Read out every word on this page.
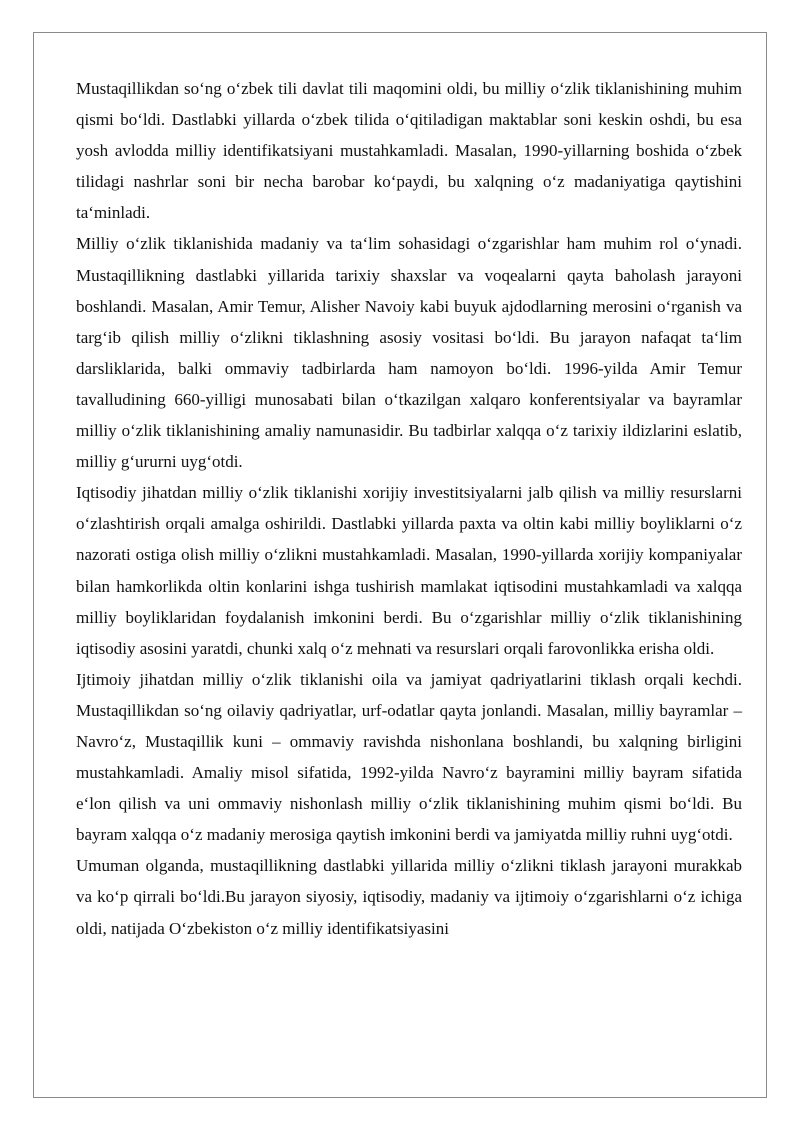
Mustaqillikdan so‘ng o‘zbek tili davlat tili maqomini oldi, bu milliy o‘zlik tiklanishining muhim qismi bo‘ldi. Dastlabki yillarda o‘zbek tilida o‘qitiladigan maktablar soni keskin oshdi, bu esa yosh avlodda milliy identifikatsiyani mustahkamladi. Masalan, 1990-yillarning boshida o‘zbek tilidagi nashrlar soni bir necha barobar ko‘paydi, bu xalqning o‘z madaniyatiga qaytishini ta‘minladi.

Milliy o‘zlik tiklanishida madaniy va ta‘lim sohasidagi o‘zgarishlar ham muhim rol o‘ynadi. Mustaqillikning dastlabki yillarida tarixiy shaxslar va voqealarni qayta baholash jarayoni boshlandi. Masalan, Amir Temur, Alisher Navoiy kabi buyuk ajdodlarning merosini o‘rganish va targ‘ib qilish milliy o‘zlikni tiklashning asosiy vositasi bo‘ldi. Bu jarayon nafaqat ta‘lim darsliklarida, balki ommaviy tadbirlarda ham namoyon bo‘ldi. 1996-yilda Amir Temur tavalludining 660-yilligi munosabati bilan o‘tkazilgan xalqaro konferentsiyalar va bayramlar milliy o‘zlik tiklanishining amaliy namunasidir. Bu tadbirlar xalqqa o‘z tarixiy ildizlarini eslatib, milliy g‘ururni uyg‘otdi.

Iqtisodiy jihatdan milliy o‘zlik tiklanishi xorijiy investitsiyalarni jalb qilish va milliy resurslarni o‘zlashtirish orqali amalga oshirildi. Dastlabki yillarda paxta va oltin kabi milliy boyliklarni o‘z nazorati ostiga olish milliy o‘zlikni mustahkamladi. Masalan, 1990-yillarda xorijiy kompaniyalar bilan hamkorlikda oltin konlarini ishga tushirish mamlakat iqtisodini mustahkamladi va xalqqa milliy boyliklaridan foydalanish imkonini berdi. Bu o‘zgarishlar milliy o‘zlik tiklanishining iqtisodiy asosini yaratdi, chunki xalq o‘z mehnati va resurslari orqali farovonlikka erisha oldi.

Ijtimoiy jihatdan milliy o‘zlik tiklanishi oila va jamiyat qadriyatlarini tiklash orqali kechdi. Mustaqillikdan so‘ng oilaviy qadriyatlar, urf-odatlar qayta jonlandi. Masalan, milliy bayramlar – Navro‘z, Mustaqillik kuni – ommaviy ravishda nishonlana boshlandi, bu xalqning birligini mustahkamladi. Amaliy misol sifatida, 1992-yilda Navro‘z bayramini milliy bayram sifatida e‘lon qilish va uni ommaviy nishonlash milliy o‘zlik tiklanishining muhim qismi bo‘ldi. Bu bayram xalqqa o‘z madaniy merosiga qaytish imkonini berdi va jamiyatda milliy ruhni uyg‘otdi.

Umuman olganda, mustaqillikning dastlabki yillarida milliy o‘zlikni tiklash jarayoni murakkab va ko‘p qirrali bo‘ldi.Bu jarayon siyosiy, iqtisodiy, madaniy va ijtimoiy o‘zgarishlarni o‘z ichiga oldi, natijada O‘zbekiston o‘z milliy identifikatsiyasini
